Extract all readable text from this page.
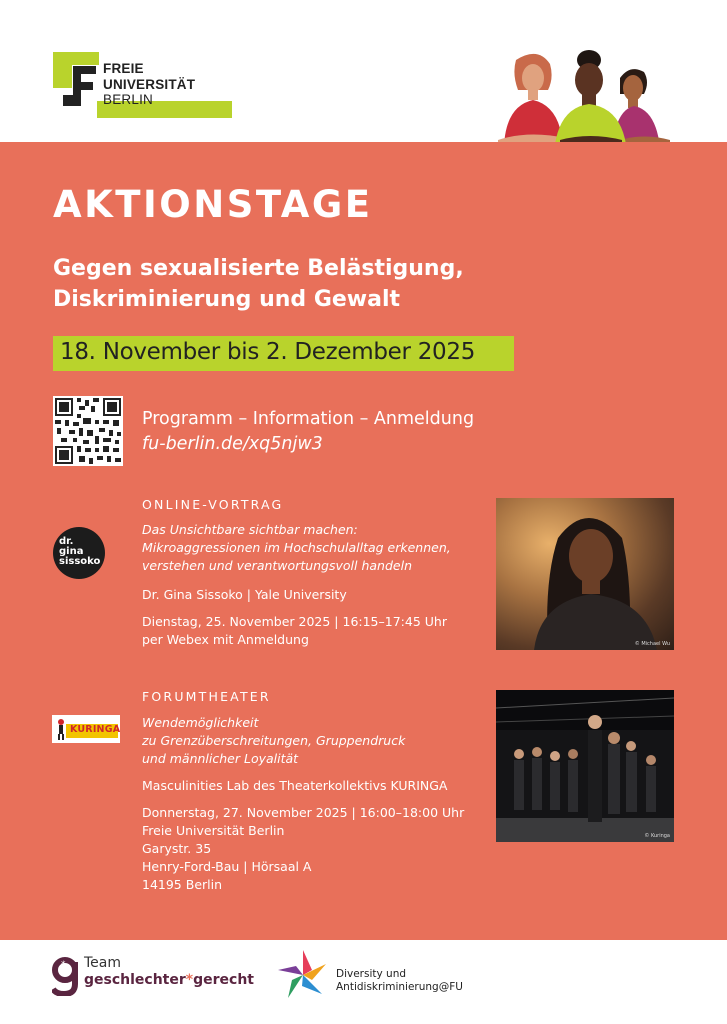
FREIE
UNIVERSITÄT
BERLIN
AKTIONSTAGE
Gegen sexualisierte Belästigung,
Diskriminierung und Gewalt
18. November bis 2. Dezember 2025
Programm – Information – Anmeldung
fu-berlin.de/xq5njw3
ONLINE-VORTRAG
dr.
gina
sissoko
Das Unsichtbare sichtbar machen:
Mikroaggressionen im Hochschulalltag erkennen,
verstehen und verantwortungsvoll handeln
Dr. Gina Sissoko | Yale University
Dienstag, 25. November 2025 | 16:15–17:45 Uhr
per Webex mit Anmeldung	© Michael Wu
FORUMTHEATER
KURINGA Wendemöglichkeit
zu Grenzüberschreitungen, Gruppendruck
und männlicher Loyalität
Masculinities Lab des Theaterkollektivs KURINGA
Donnerstag, 27. November 2025 | 16:00–18:00 Uhr
Freie Universität Berlin
Garystr. 35
Henry-Ford-Bau | Hörsaal A
14195 Berlin
© Kuringa
* Team
geschlechter*gerecht	Diversity und
Antidiskriminierung@FU
